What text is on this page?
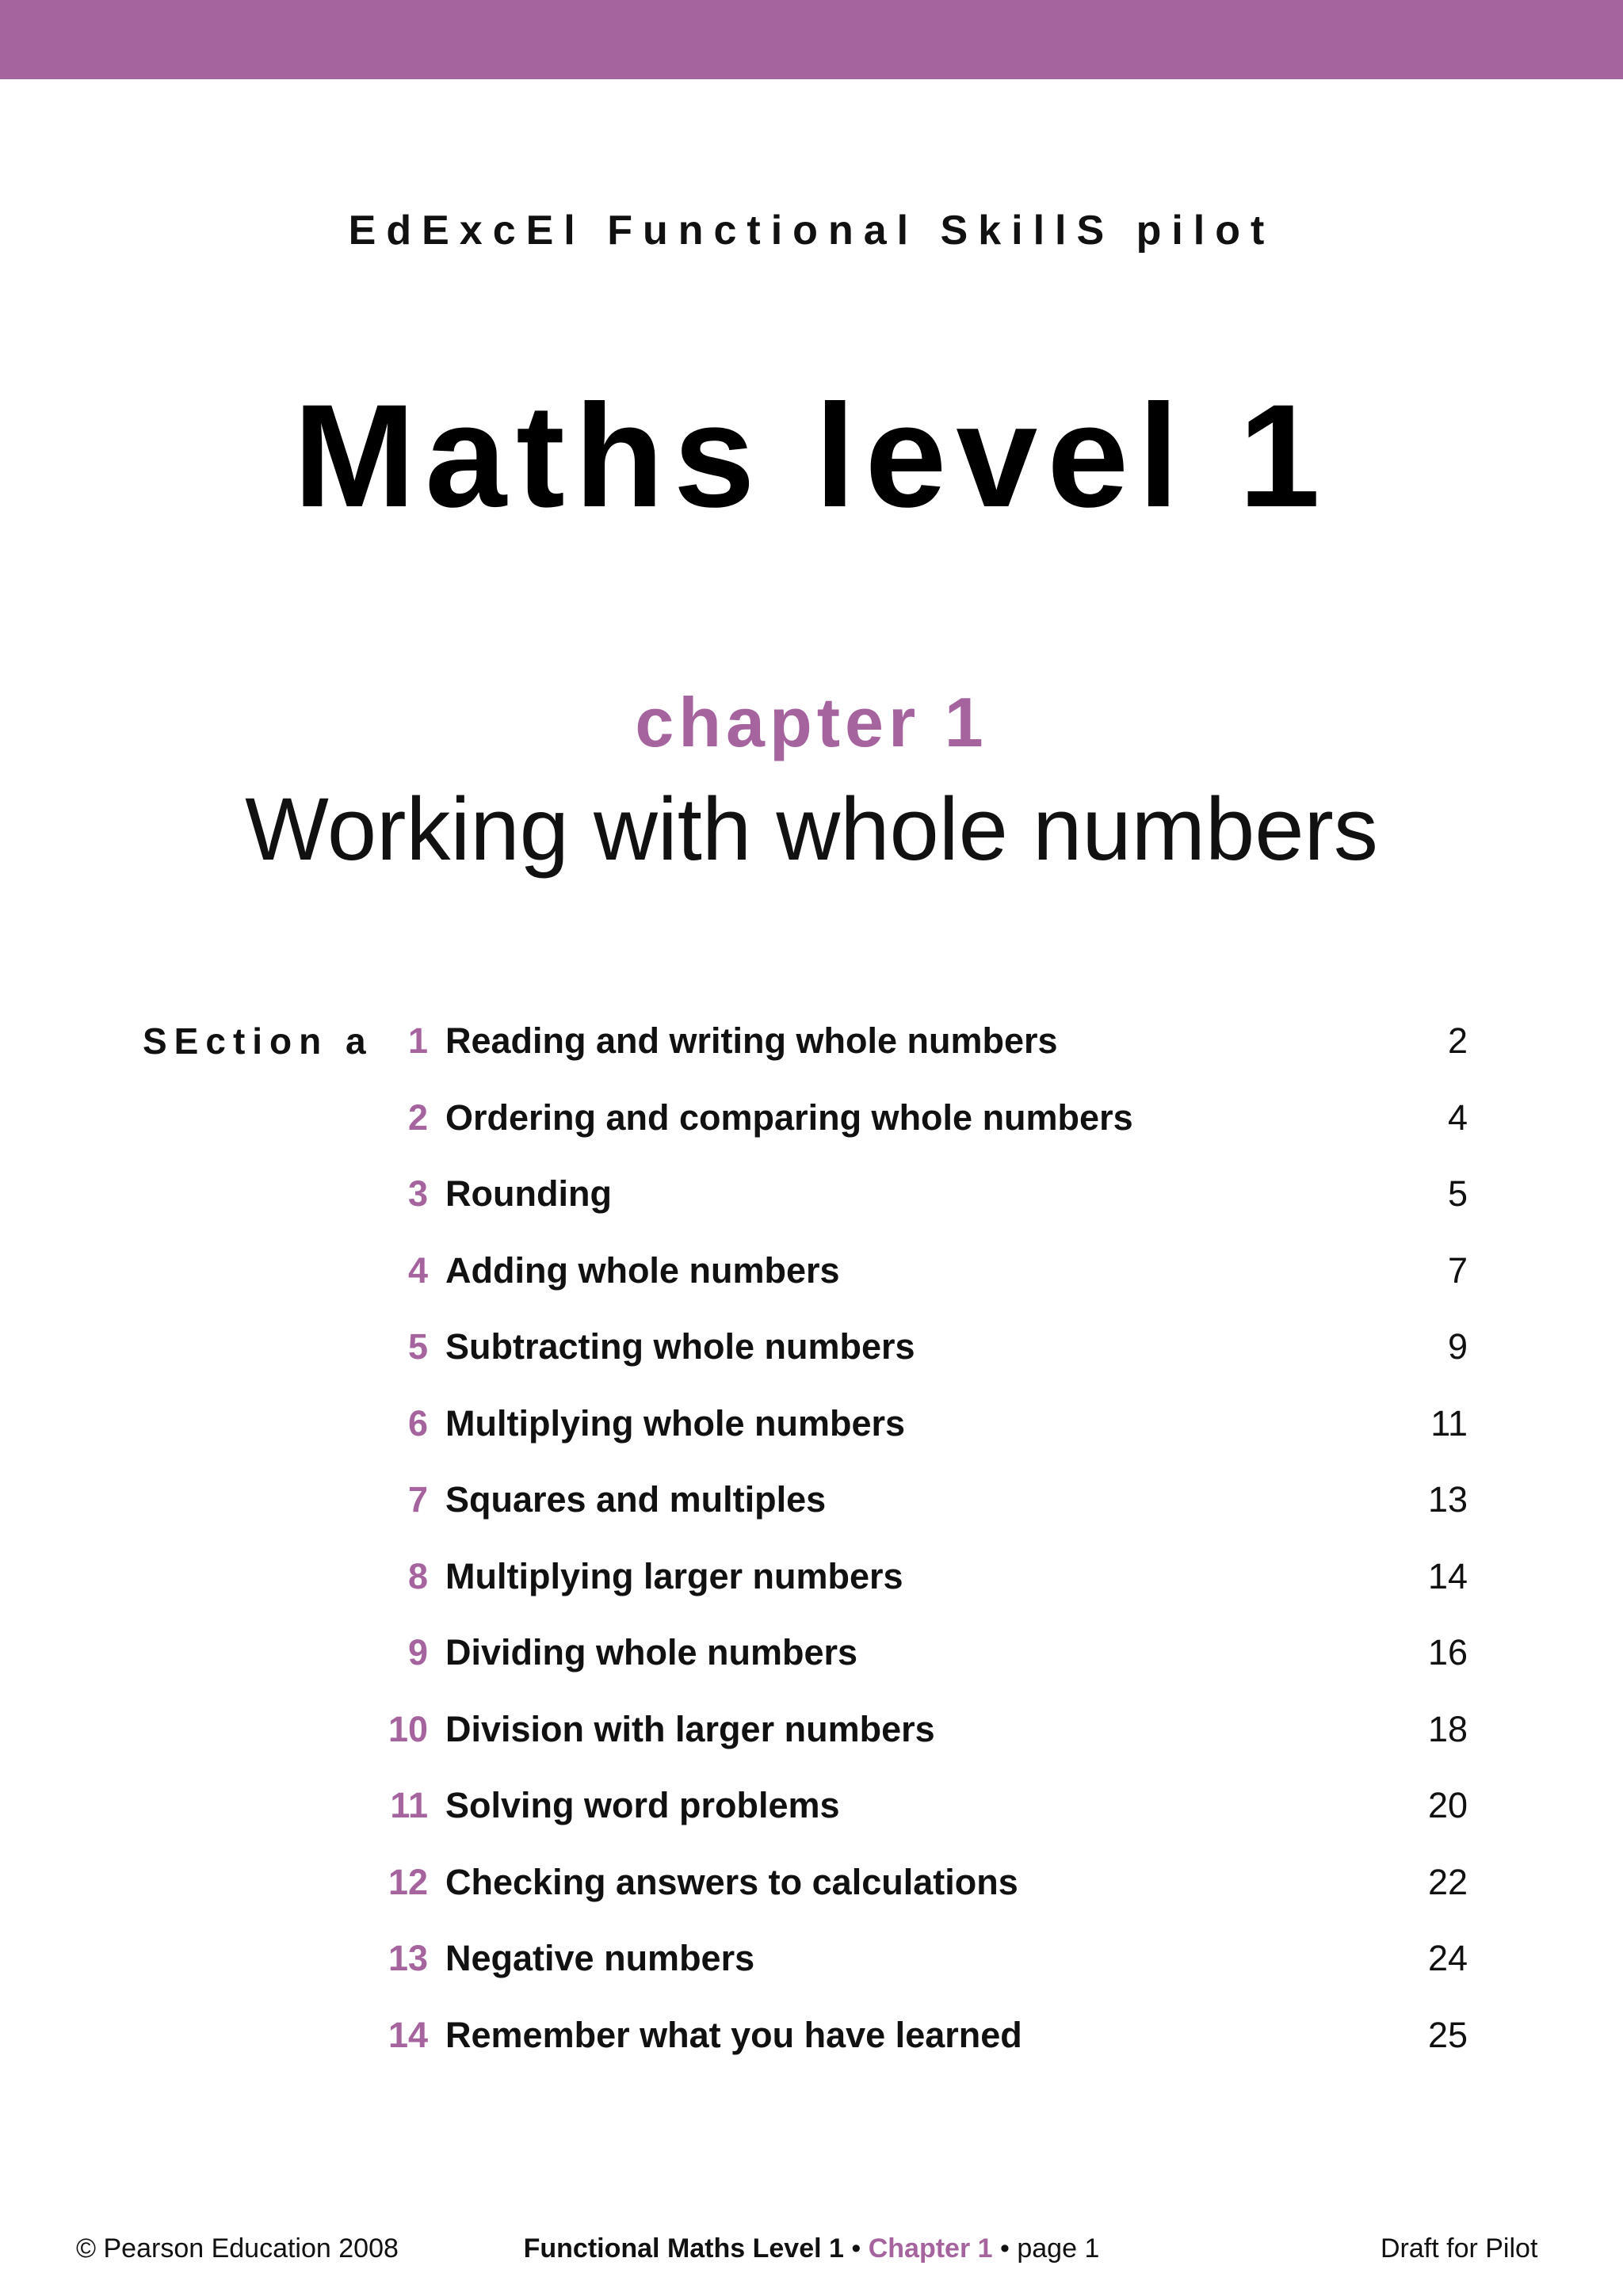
EdExcEl Functional SkillS pilot
Maths level 1
chapter 1
Working with whole numbers
SEction a 1 Reading and writing whole numbers	2
2 Ordering and comparing whole numbers	4
3 Rounding	5
4 Adding whole numbers	7
5 Subtracting whole numbers	9
6 Multiplying whole numbers	11
7 Squares and multiples	13
8 Multiplying larger numbers	14
9 Dividing whole numbers	16
10 Division with larger numbers	18
11 Solving word problems	20
12 Checking answers to calculations	22
13 Negative numbers	24
14 Remember what you have learned	25
© Pearson Education 2008	Functional Maths Level 1 • Chapter 1 • page 1	Draft for Pilot
